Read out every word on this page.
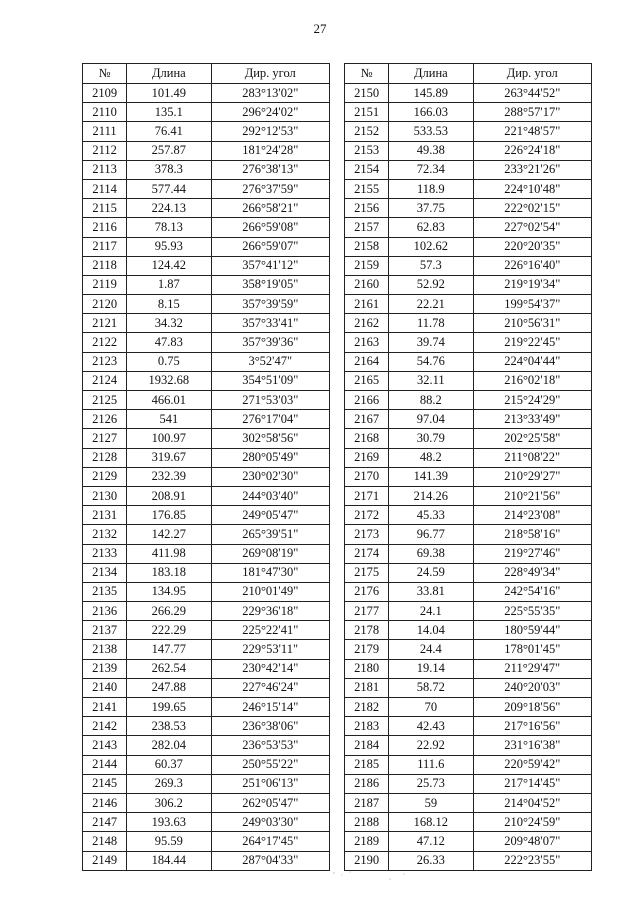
27
№	Длина	Дир. угол
2109	101.49	283°13'02"
2110	135.1	296°24'02"
2111	76.41	292°12'53"
2112	257.87	181°24'28"
2113	378.3	276°38'13"
2114	577.44	276°37'59"
2115	224.13	266°58'21"
2116	78.13	266°59'08"
2117	95.93	266°59'07"
2118	124.42	357°41'12"
2119	1.87	358°19'05"
2120	8.15	357°39'59"
2121	34.32	357°33'41"
2122	47.83	357°39'36"
2123	0.75	3°52'47"
2124	1932.68	354°51'09"
2125	466.01	271°53'03"
2126	541	276°17'04"
2127	100.97	302°58'56"
2128	319.67	280°05'49"
2129	232.39	230°02'30"
2130	208.91	244°03'40"
2131	176.85	249°05'47"
2132	142.27	265°39'51"
2133	411.98	269°08'19"
2134	183.18	181°47'30"
2135	134.95	210°01'49"
2136	266.29	229°36'18"
2137	222.29	225°22'41"
2138	147.77	229°53'11"
2139	262.54	230°42'14"
2140	247.88	227°46'24"
2141	199.65	246°15'14"
2142	238.53	236°38'06"
2143	282.04	236°53'53"
2144	60.37	250°55'22"
2145	269.3	251°06'13"
2146	306.2	262°05'47"
2147	193.63	249°03'30"
2148	95.59	264°17'45"
2149	184.44	287°04'33"
№	Длина	Дир. угол
2150	145.89	263°44'52"
2151	166.03	288°57'17"
2152	533.53	221°48'57"
2153	49.38	226°24'18"
2154	72.34	233°21'26"
2155	118.9	224°10'48"
2156	37.75	222°02'15"
2157	62.83	227°02'54"
2158	102.62	220°20'35"
2159	57.3	226°16'40"
2160	52.92	219°19'34"
2161	22.21	199°54'37"
2162	11.78	210°56'31"
2163	39.74	219°22'45"
2164	54.76	224°04'44"
2165	32.11	216°02'18"
2166	88.2	215°24'29"
2167	97.04	213°33'49"
2168	30.79	202°25'58"
2169	48.2	211°08'22"
2170	141.39	210°29'27"
2171	214.26	210°21'56"
2172	45.33	214°23'08"
2173	96.77	218°58'16"
2174	69.38	219°27'46"
2175	24.59	228°49'34"
2176	33.81	242°54'16"
2177	24.1	225°55'35"
2178	14.04	180°59'44"
2179	24.4	178°01'45"
2180	19.14	211°29'47"
2181	58.72	240°20'03"
2182	70	209°18'56"
2183	42.43	217°16'56"
2184	22.92	231°16'38"
2185	111.6	220°59'42"
2186	25.73	217°14'45"
2187	59	214°04'52"
2188	168.12	210°24'59"
2189	47.12	209°48'07"
2190	26.33	222°23'55"
